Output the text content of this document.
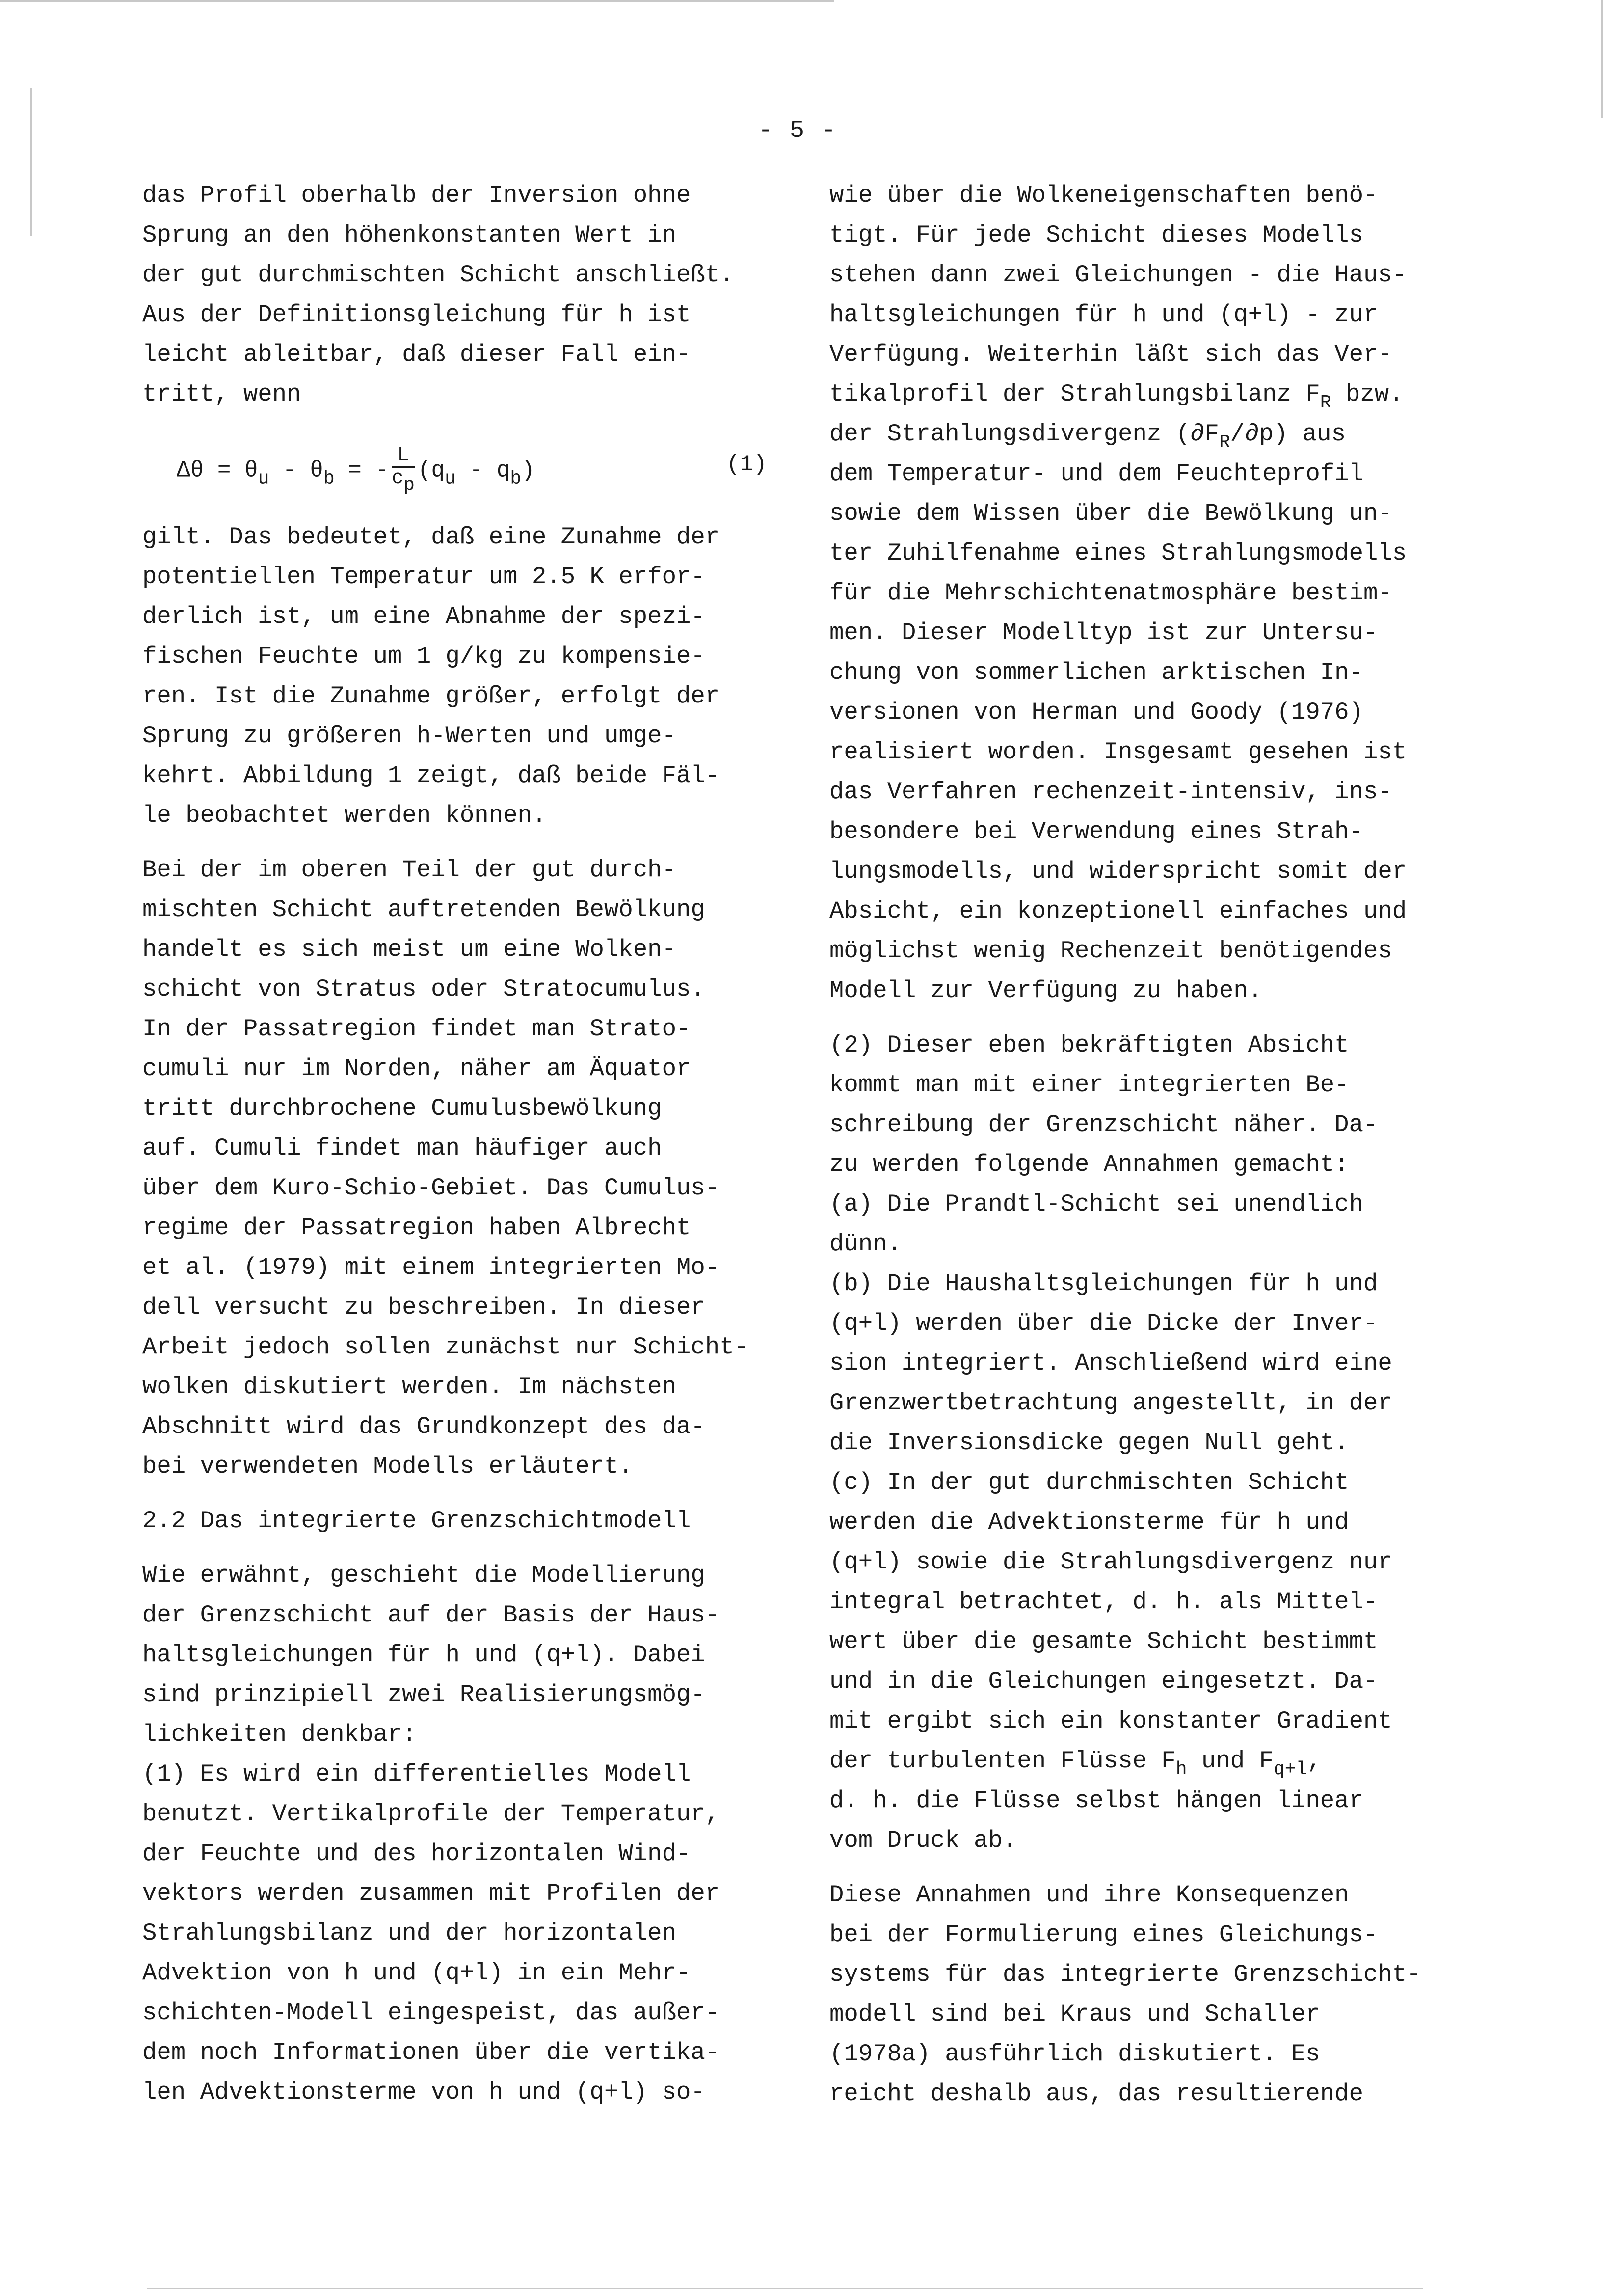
- 5 -
das Profil oberhalb der Inversion ohne
Sprung an den höhenkonstanten Wert in
der gut durchmischten Schicht anschließt.
Aus der Definitionsgleichung für h ist
leicht ableitbar, daß dieser Fall ein-
tritt, wenn
$\Delta\theta = \theta_u - \theta_b$ = - $\frac{L}{c_p} (q_u - q_b)$	(1)
gilt. Das bedeutet, daß eine Zunahme der
potentiellen Temperatur um 2.5 K erfor-
derlich ist, um eine Abnahme der spezi-
fischen Feuchte um 1 g/kg zu kompensie-
ren. Ist die Zunahme größer, erfolgt der
Sprung zu größeren h-Werten und umge-
kehrt. Abbildung 1 zeigt, daß beide Fäl-
le beobachtet werden können.
Bei der im oberen Teil der gut durch-
mischten Schicht auftretenden Bewölkung
handelt es sich meist um eine Wolken-
schicht von Stratus oder Stratocumulus.
In der Passatregion findet man Strato-
cumuli nur im Norden, näher am Äquator
tritt durchbrochene Cumulusbewölkung
auf. Cumuli findet man häufiger auch
über dem Kuro-Schio-Gebiet. Das Cumulus-
regime der Passatregion haben Albrecht
et al. (1979) mit einem integrierten Mo-
dell versucht zu beschreiben. In dieser
Arbeit jedoch sollen zunächst nur Schicht-
wolken diskutiert werden. Im nächsten
Abschnitt wird das Grundkonzept des da-
bei verwendeten Modells erläutert.
2.2 Das integrierte Grenzschichtmodell
Wie erwähnt, geschieht die Modellierung
der Grenzschicht auf der Basis der Haus-
haltsgleichungen für h und (q+l). Dabei
sind prinzipiell zwei Realisierungsmög-
lichkeiten denkbar:
(1) Es wird ein differentielles Modell
benutzt. Vertikalprofile der Temperatur,
der Feuchte und des horizontalen Wind-
vektors werden zusammen mit Profilen der
Strahlungsbilanz und der horizontalen
Advektion von h und (q+l) in ein Mehr-
schichten-Modell eingespeist, das außer-
dem noch Informationen über die vertika-
len Advektionsterme von h und (q+l) so-
wie über die Wolkeneigenschaften benö-
tigt. Für jede Schicht dieses Modells
stehen dann zwei Gleichungen - die Haus-
haltsgleichungen für h und (q+l) - zur
Verfügung. Weiterhin läßt sich das Ver-
tikalprofil der Strahlungsbilanz $F_R$ bzw.
der Strahlungsdivergenz $(\partial F_R/\partial p)$ aus
dem Temperatur- und dem Feuchteprofil
sowie dem Wissen über die Bewölkung un-
ter Zuhilfenahme eines Strahlungsmodells
für die Mehrschichtenatmosphäre bestim-
men. Dieser Modelltyp ist zur Untersu-
chung von sommerlichen arktischen In-
versionen von Herman und Goody (1976)
realisiert worden. Insgesamt gesehen ist
das Verfahren rechenzeit-intensiv, ins-
besondere bei Verwendung eines Strah-
lungsmodells, und widerspricht somit der
Absicht, ein konzeptionell einfaches und
möglichst wenig Rechenzeit benötigendes
Modell zur Verfügung zu haben.
(2) Dieser eben bekräftigten Absicht
kommt man mit einer integrierten Be-
schreibung der Grenzschicht näher. Da-
zu werden folgende Annahmen gemacht:
(a) Die Prandtl-Schicht sei unendlich
dünn.
(b) Die Haushaltsgleichungen für h und
(q+l) werden über die Dicke der Inver-
sion integriert. Anschließend wird eine
Grenzwertbetrachtung angestellt, in der
die Inversionsdicke gegen Null geht.
(c) In der gut durchmischten Schicht
werden die Advektionsterme für h und
(q+l) sowie die Strahlungsdivergenz nur
integral betrachtet, d. h. als Mittel-
wert über die gesamte Schicht bestimmt
und in die Gleichungen eingesetzt. Da-
mit ergibt sich ein konstanter Gradient
der turbulenten Flüsse $F_h$ und $F_{q+l}$,
d. h. die Flüsse selbst hängen linear
vom Druck ab.
Diese Annahmen und ihre Konsequenzen
bei der Formulierung eines Gleichungs-
systems für das integrierte Grenzschicht-
modell sind bei Kraus und Schaller
(1978a) ausführlich diskutiert. Es
reicht deshalb aus, das resultierende
